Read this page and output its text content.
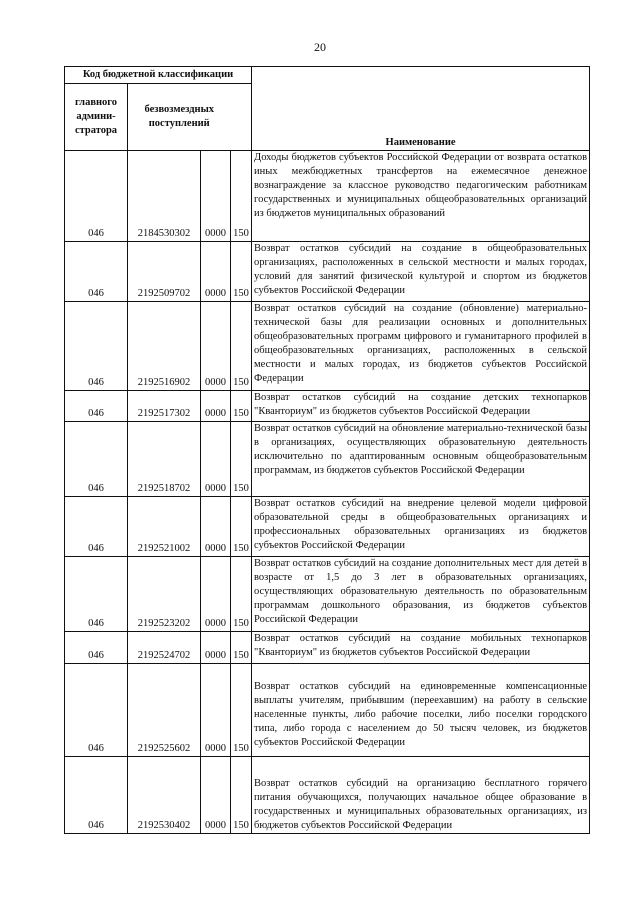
20
Код бюджетной классификации				Наименование
главного админи-стратора	безвозмездных поступлений			
046	2184530302	0000	150	Доходы бюджетов субъектов Российской Федерации от возврата остатков иных межбюджетных трансфертов на ежемесячное денежное вознаграждение за классное руководство педагогическим работникам государственных и муниципальных общеобразовательных организаций из бюджетов муниципальных образований
046	2192509702	0000	150	Возврат остатков субсидий на создание в общеобразовательных организациях, расположенных в сельской местности и малых городах, условий для занятий физической культурой и спортом из бюджетов субъектов Российской Федерации
046	2192516902	0000	150	Возврат остатков субсидий на создание (обновление) материально-технической базы для реализации основных и дополнительных общеобразовательных программ цифрового и гуманитарного профилей в общеобразовательных организациях, расположенных в сельской местности и малых городах, из бюджетов субъектов Российской Федерации
046	2192517302	0000	150	Возврат остатков субсидий на создание детских технопарков "Кванториум" из бюджетов субъектов Российской Федерации
046	2192518702	0000	150	Возврат остатков субсидий на обновление материально-технической базы в организациях, осуществляющих образовательную деятельность исключительно по адаптированным основным общеобразовательным программам, из бюджетов субъектов Российской Федерации
046	2192521002	0000	150	Возврат остатков субсидий на внедрение целевой модели цифровой образовательной среды в общеобразовательных организациях и профессиональных образовательных организациях из бюджетов субъектов Российской Федерации
046	2192523202	0000	150	Возврат остатков субсидий на создание дополнительных мест для детей в возрасте от 1,5 до 3 лет в образовательных организациях, осуществляющих образовательную деятельность по образовательным программам дошкольного образования, из бюджетов субъектов Российской Федерации
046	2192524702	0000	150	Возврат остатков субсидий на создание мобильных технопарков "Кванториум" из бюджетов субъектов Российской Федерации
046	2192525602	0000	150	Возврат остатков субсидий на единовременные компенсационные выплаты учителям, прибывшим (переехавшим) на работу в сельские населенные пункты, либо рабочие поселки, либо поселки городского типа, либо города с населением до 50 тысяч человек, из бюджетов субъектов Российской Федерации
046	2192530402	0000	150	Возврат остатков субсидий на организацию бесплатного горячего питания обучающихся, получающих начальное общее образование в государственных и муниципальных образовательных организациях, из бюджетов субъектов Российской Федерации
